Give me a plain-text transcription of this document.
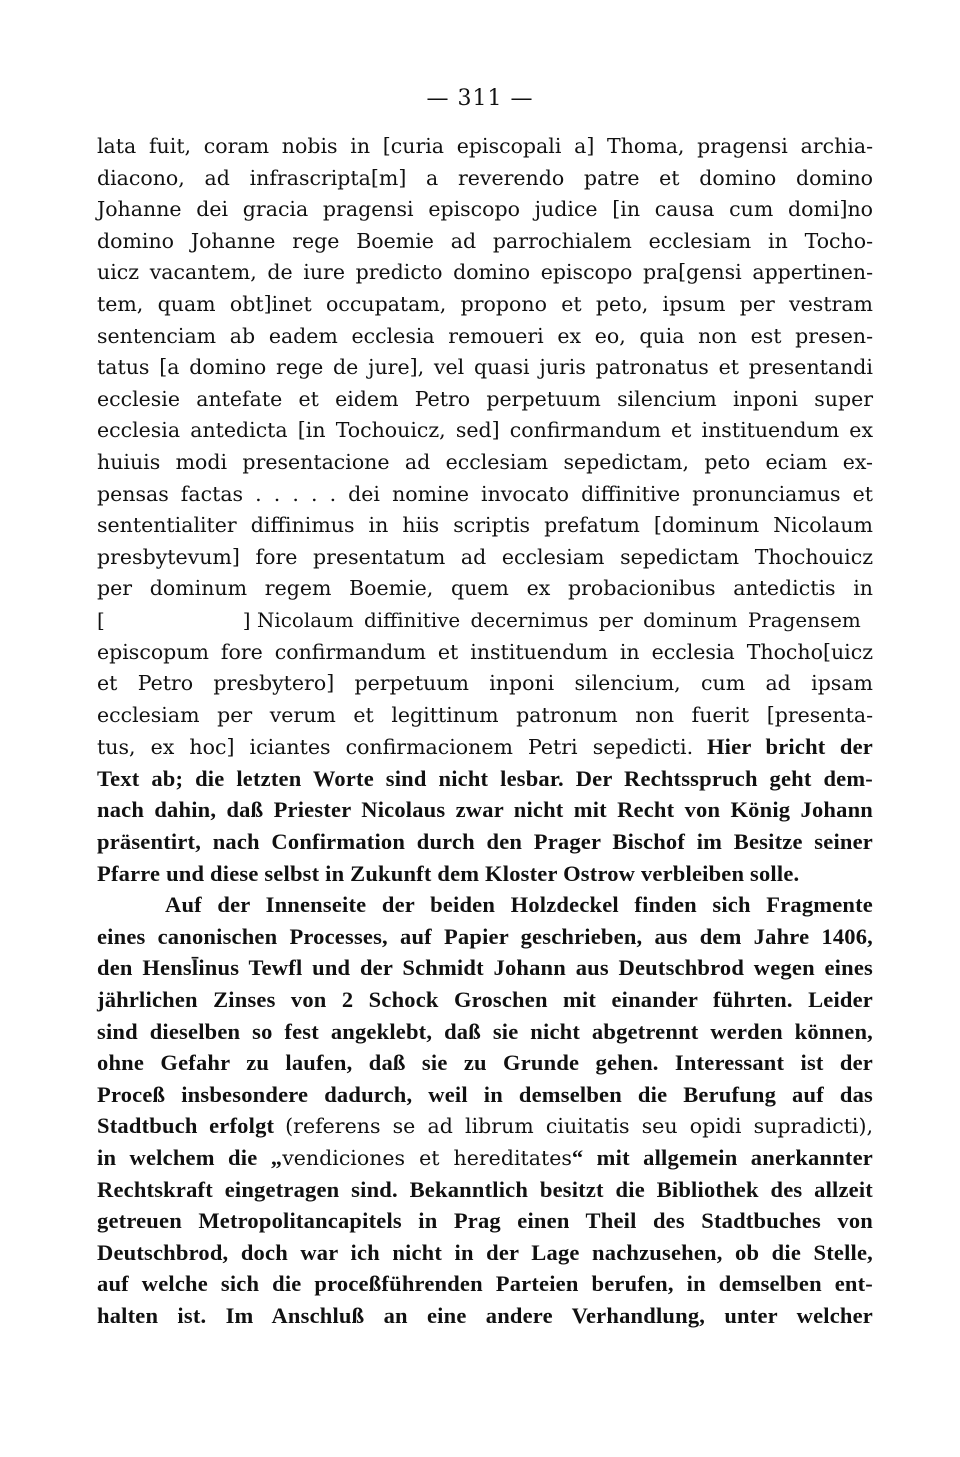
— 311 —
lata fuit, coram nobis in [curia episcopali a] Thoma, pragensi archia-
diacono, ad infrascripta[m] a reverendo patre et domino domino
Johanne dei gracia pragensi episcopo judice [in causa cum domi]no
domino Johanne rege Boemie ad parrochialem ecclesiam in Tocho-
uicz vacantem, de iure predicto domino episcopo pra[gensi appertinen-
tem, quam obt]inet occupatam, propono et peto, ipsum per vestram
sentenciam ab eadem ecclesia remoueri ex eo, quia non est presen-
tatus [a domino rege de jure], vel quasi juris patronatus et presentandi
ecclesie antefate et eidem Petro perpetuum silencium inponi super
ecclesia antedicta [in Tochouicz, sed] confirmandum et instituendum ex
huiuis modi presentacione ad ecclesiam sepedictam, peto eciam ex-
pensas factas . . . . . dei nomine invocato diffinitive pronunciamus et
sententialiter diffinimus in hiis scriptis prefatum [dominum Nicolaum
presbytevum] fore presentatum ad ecclesiam sepedictam Thochouicz
per dominum regem Boemie, quem ex probacionibus antedictis in
[	] Nicolaum diffinitive decernimus per dominum Pragensem
episcopum fore confirmandum et instituendum in ecclesia Thocho[uicz
et Petro presbytero] perpetuum inponi silencium, cum ad ipsam
ecclesiam per verum et legittinum patronum non fuerit [presenta-
tus, ex hoc] iciantes confirmacionem Petri sepedicti. Hier bricht der
Text ab; die letzten Worte sind nicht lesbar. Der Rechtsspruch geht dem-
nach dahin, daß Priester Nicolaus zwar nicht mit Recht von König Johann
präsentirt, nach Confirmation durch den Prager Bischof im Besitze seiner
Pfarre und diese selbst in Zukunft dem Kloster Ostrow verbleiben solle.
Auf der Innenseite der beiden Holzdeckel finden sich Fragmente
eines canonischen Processes, auf Papier geschrieben, aus dem Jahre 1406,
den Hensl̄inus Tewfl und der Schmidt Johann aus Deutschbrod wegen eines
jährlichen Zinses von 2 Schock Groschen mit einander führten. Leider
sind dieselben so fest angeklebt, daß sie nicht abgetrennt werden können,
ohne Gefahr zu laufen, daß sie zu Grunde gehen. Interessant ist der
Proceß insbesondere dadurch, weil in demselben die Berufung auf das
Stadtbuch erfolgt (referens se ad librum ciuitatis seu opidi supradicti),
in welchem die „vendiciones et hereditates“ mit allgemein anerkannter
Rechtskraft eingetragen sind. Bekanntlich besitzt die Bibliothek des allzeit
getreuen Metropolitancapitels in Prag einen Theil des Stadtbuches von
Deutschbrod, doch war ich nicht in der Lage nachzusehen, ob die Stelle,
auf welche sich die proceßführenden Parteien berufen, in demselben ent-
halten ist. Im Anschluß an eine andere Verhandlung, unter welcher
